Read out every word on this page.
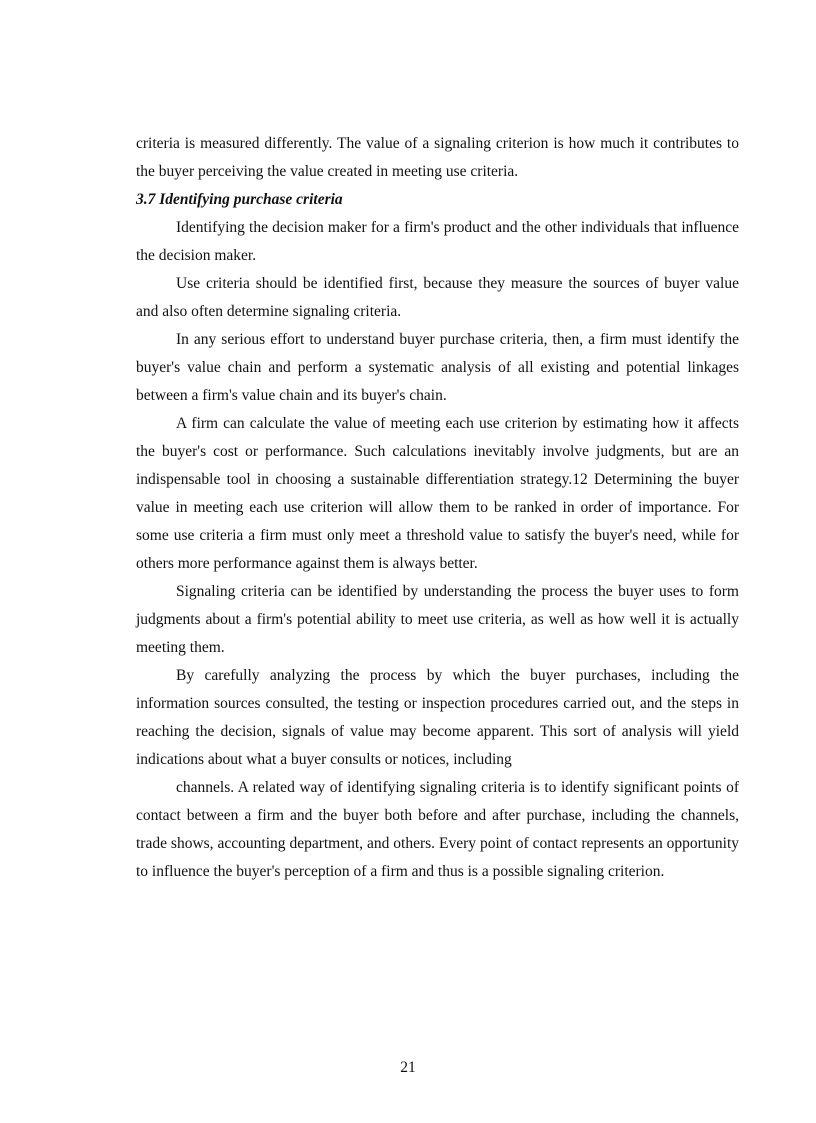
criteria is measured differently. The value of a signaling criterion is how much it contributes to the buyer perceiving the value created in meeting use criteria.

3.7 Identifying purchase criteria

Identifying the decision maker for a firm's product and the other individuals that influence the decision maker.

Use criteria should be identified first, because they measure the sources of buyer value and also often determine signaling criteria.

In any serious effort to understand buyer purchase criteria, then, a firm must identify the buyer's value chain and perform a systematic analysis of all existing and potential linkages between a firm's value chain and its buyer's chain.

A firm can calculate the value of meeting each use criterion by estimating how it affects the buyer's cost or performance. Such calculations inevitably involve judgments, but are an indispensable tool in choosing a sustainable differentiation strategy.12 Determining the buyer value in meeting each use criterion will allow them to be ranked in order of importance. For some use criteria a firm must only meet a threshold value to satisfy the buyer's need, while for others more performance against them is always better.

Signaling criteria can be identified by understanding the process the buyer uses to form judgments about a firm's potential ability to meet use criteria, as well as how well it is actually meeting them.

By carefully analyzing the process by which the buyer purchases, including the information sources consulted, the testing or inspection procedures carried out, and the steps in reaching the decision, signals of value may become apparent. This sort of analysis will yield indications about what a buyer consults or notices, including

channels. A related way of identifying signaling criteria is to identify significant points of contact between a firm and the buyer both before and after purchase, including the channels, trade shows, accounting department, and others. Every point of contact represents an opportunity to influence the buyer's perception of a firm and thus is a possible signaling criterion.

21
